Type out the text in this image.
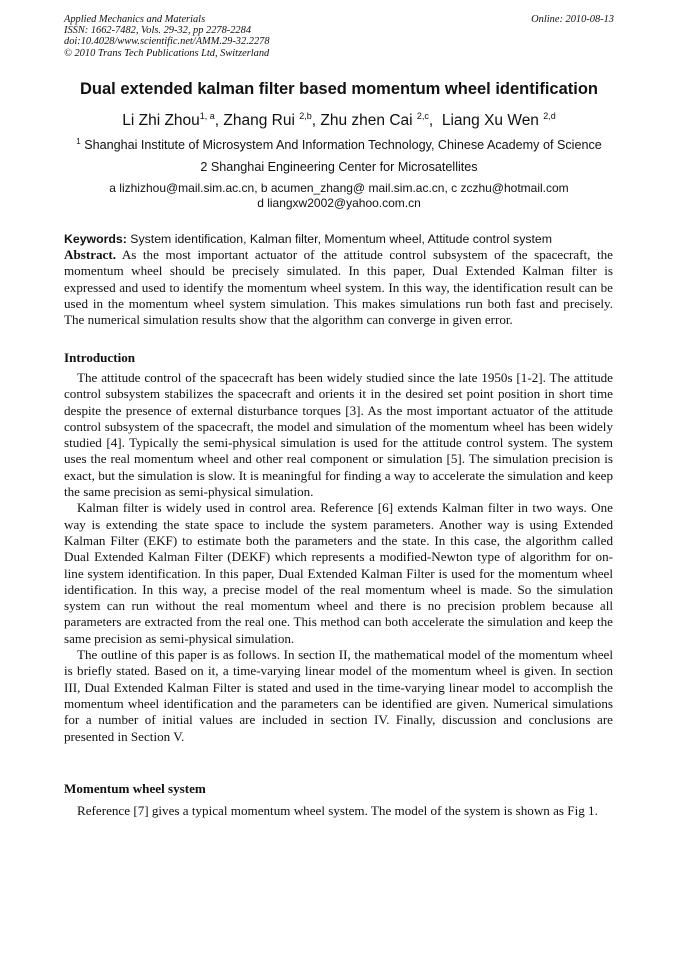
Applied Mechanics and Materials
ISSN: 1662-7482, Vols. 29-32, pp 2278-2284
doi:10.4028/www.scientific.net/AMM.29-32.2278
© 2010 Trans Tech Publications Ltd, Switzerland
Online: 2010-08-13
Dual extended kalman filter based momentum wheel identification
Li Zhi Zhou$^{1, a}$, Zhang Rui $^{2,b}$, Zhu zhen Cai $^{2,c}$,  Liang Xu Wen $^{2,d}$
$^1$ Shanghai Institute of Microsystem And Information Technology, Chinese Academy of Science
2 Shanghai Engineering Center for Microsatellites
a lizhizhou@mail.sim.ac.cn, b acumen_zhang@ mail.sim.ac.cn, c zczhu@hotmail.com
d liangxw2002@yahoo.com.cn
Keywords: System identification, Kalman filter, Momentum wheel, Attitude control system
Abstract. As the most important actuator of the attitude control subsystem of the spacecraft, the momentum wheel should be precisely simulated. In this paper, Dual Extended Kalman filter is expressed and used to identify the momentum wheel system. In this way, the identification result can be used in the momentum wheel system simulation. This makes simulations run both fast and precisely. The numerical simulation results show that the algorithm can converge in given error.
Introduction

The attitude control of the spacecraft has been widely studied since the late 1950s [1-2]. The attitude control subsystem stabilizes the spacecraft and orients it in the desired set point position in short time despite the presence of external disturbance torques [3]. As the most important actuator of the attitude control subsystem of the spacecraft, the model and simulation of the momentum wheel has been widely studied [4]. Typically the semi-physical simulation is used for the attitude control system. The system uses the real momentum wheel and other real component or simulation [5]. The simulation precision is exact, but the simulation is slow. It is meaningful for finding a way to accelerate the simulation and keep the same precision as semi-physical simulation.

Kalman filter is widely used in control area. Reference [6] extends Kalman filter in two ways. One way is extending the state space to include the system parameters. Another way is using Extended Kalman Filter (EKF) to estimate both the parameters and the state. In this case, the algorithm called Dual Extended Kalman Filter (DEKF) which represents a modified-Newton type of algorithm for on-line system identification. In this paper, Dual Extended Kalman Filter is used for the momentum wheel identification. In this way, a precise model of the real momentum wheel is made. So the simulation system can run without the real momentum wheel and there is no precision problem because all parameters are extracted from the real one. This method can both accelerate the simulation and keep the same precision as semi-physical simulation.

The outline of this paper is as follows. In section II, the mathematical model of the momentum wheel is briefly stated. Based on it, a time-varying linear model of the momentum wheel is given. In section III, Dual Extended Kalman Filter is stated and used in the time-varying linear model to accomplish the momentum wheel identification and the parameters can be identified are given. Numerical simulations for a number of initial values are included in section IV. Finally, discussion and conclusions are presented in Section V.

Momentum wheel system
Reference [7] gives a typical momentum wheel system. The model of the system is shown as Fig 1.
